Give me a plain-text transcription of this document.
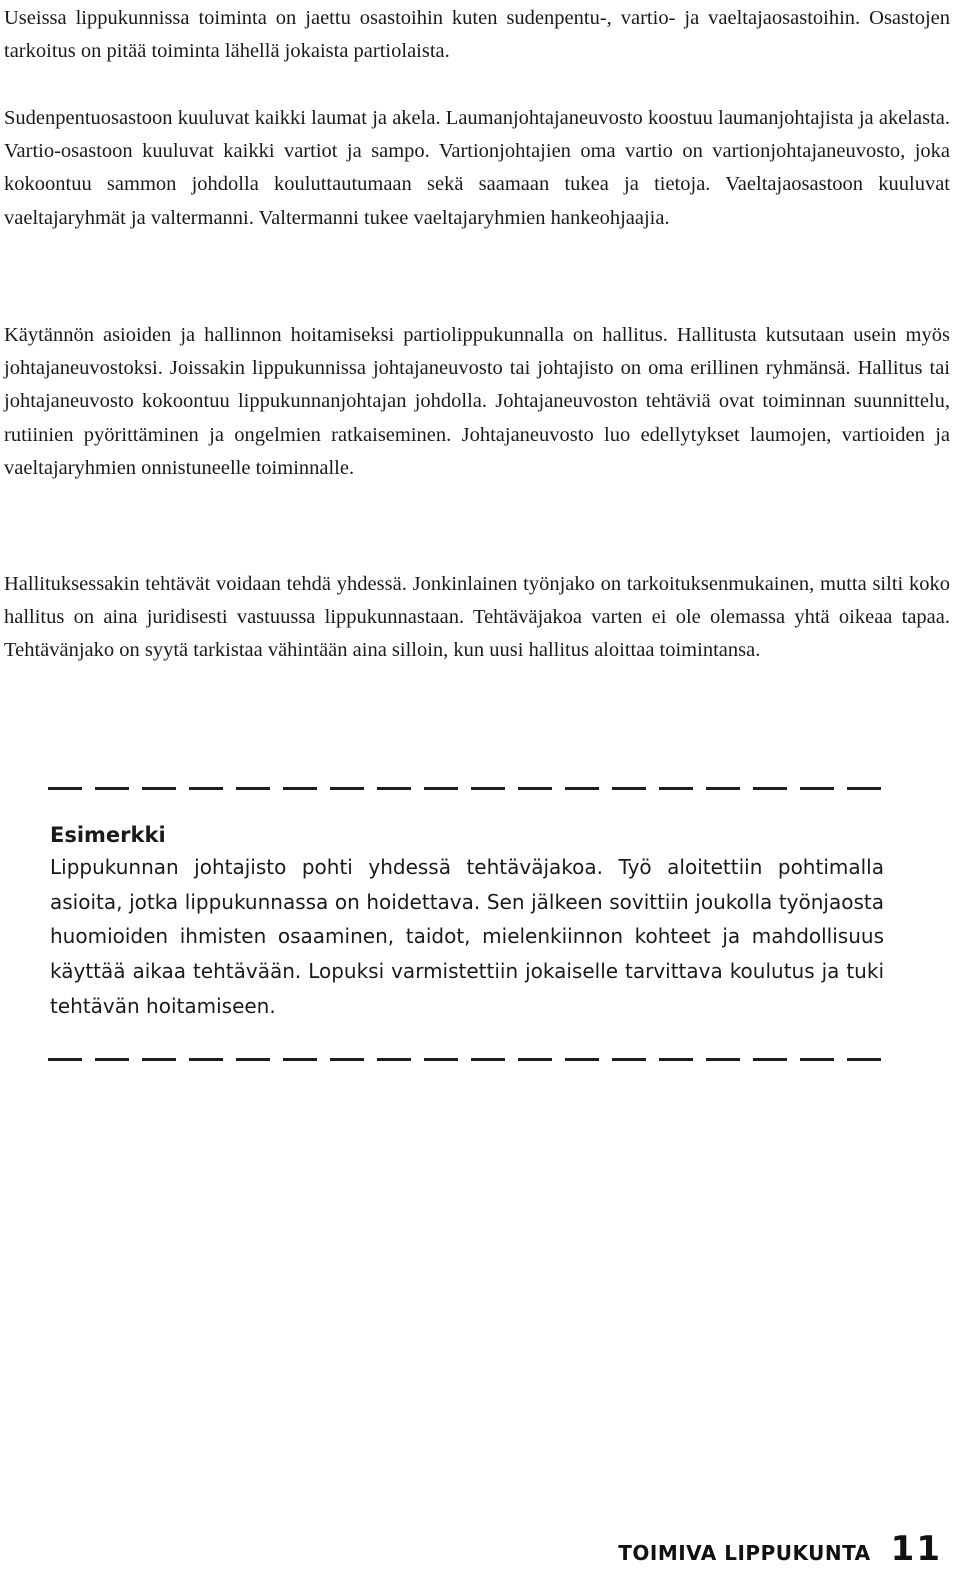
Useissa lippukunnissa toiminta on jaettu osastoihin kuten sudenpentu-, vartio- ja vaeltajaosastoihin. Osastojen tarkoitus on pitää toiminta lähellä jokaista partiolaista.

Sudenpentuosastoon kuuluvat kaikki laumat ja akela. Laumanjohtajaneuvosto koostuu laumanjohtajista ja akelasta. Vartio-osastoon kuuluvat kaikki vartiot ja sampo. Vartionjohtajien oma vartio on vartionjohtajaneuvosto, joka kokoontuu sammon johdolla kouluttautumaan sekä saamaan tukea ja tietoja. Vaeltajaosastoon kuuluvat vaeltajaryhmät ja valtermanni. Valtermanni tukee vaeltajaryhmien hankeohjaajia.

Käytännön asioiden ja hallinnon hoitamiseksi partiolippukunnalla on hallitus. Hallitusta kutsutaan usein myös johtajaneuvostoksi. Joissakin lippukunnissa johtajaneuvosto tai johtajisto on oma erillinen ryhmänsä. Hallitus tai johtajaneuvosto kokoontuu lippukunnanjohtajan johdolla. Johtajaneuvoston tehtäviä ovat toiminnan suunnittelu, rutiinien pyörittäminen ja ongelmien ratkaiseminen. Johtajaneuvosto luo edellytykset laumojen, vartioiden ja vaeltajaryhmien onnistuneelle toiminnalle.

Hallituksessakin tehtävät voidaan tehdä yhdessä. Jonkinlainen työnjako on tarkoituksenmukainen, mutta silti koko hallitus on aina juridisesti vastuussa lippukunnastaan. Tehtäväjakoa varten ei ole olemassa yhtä oikeaa tapaa. Tehtävänjako on syytä tarkistaa vähintään aina silloin, kun uusi hallitus aloittaa toimintansa.

Esimerkki

Lippukunnan johtajisto pohti yhdessä tehtäväjakoa. Työ aloitettiin pohtimalla asioita, jotka lippukunnassa on hoidettava. Sen jälkeen sovittiin joukolla työnjaosta huomioiden ihmisten osaaminen, taidot, mielenkiinnon kohteet ja mahdollisuus käyttää aikaa tehtävään. Lopuksi varmistettiin jokaiselle tarvittava koulutus ja tuki tehtävän hoitamiseen.

TOIMIVA LIPPUKUNTA 11
